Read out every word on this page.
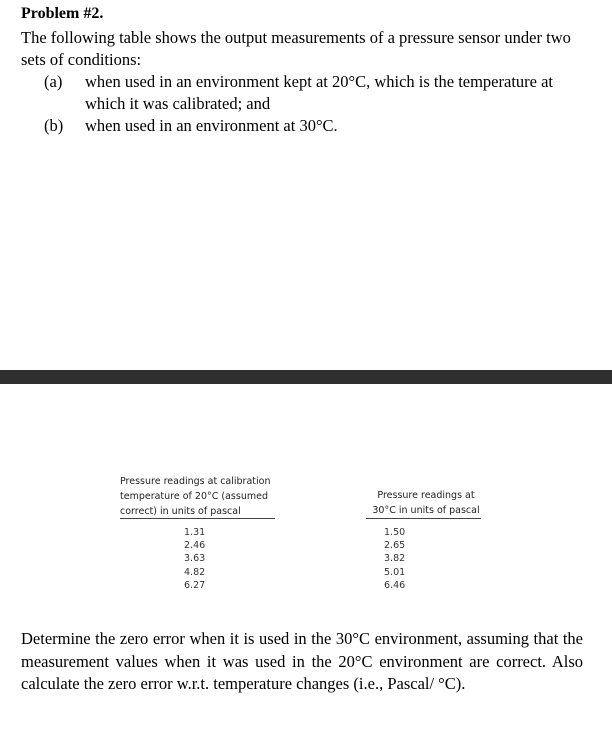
Problem #2.
The following table shows the output measurements of a pressure sensor under two sets of conditions:
(a) when used in an environment kept at 20°C, which is the temperature at which it was calibrated; and
(b) when used in an environment at 30°C.
Pressure readings at calibration temperature of 20°C (assumed correct) in units of pascal
Pressure readings at 30°C in units of pascal
1.31
2.46
3.63
4.82
6.27
1.50
2.65
3.82
5.01
6.46
Determine the zero error when it is used in the 30°C environment, assuming that the measurement values when it was used in the 20°C environment are correct. Also calculate the zero error w.r.t. temperature changes (i.e., Pascal/ °C).
